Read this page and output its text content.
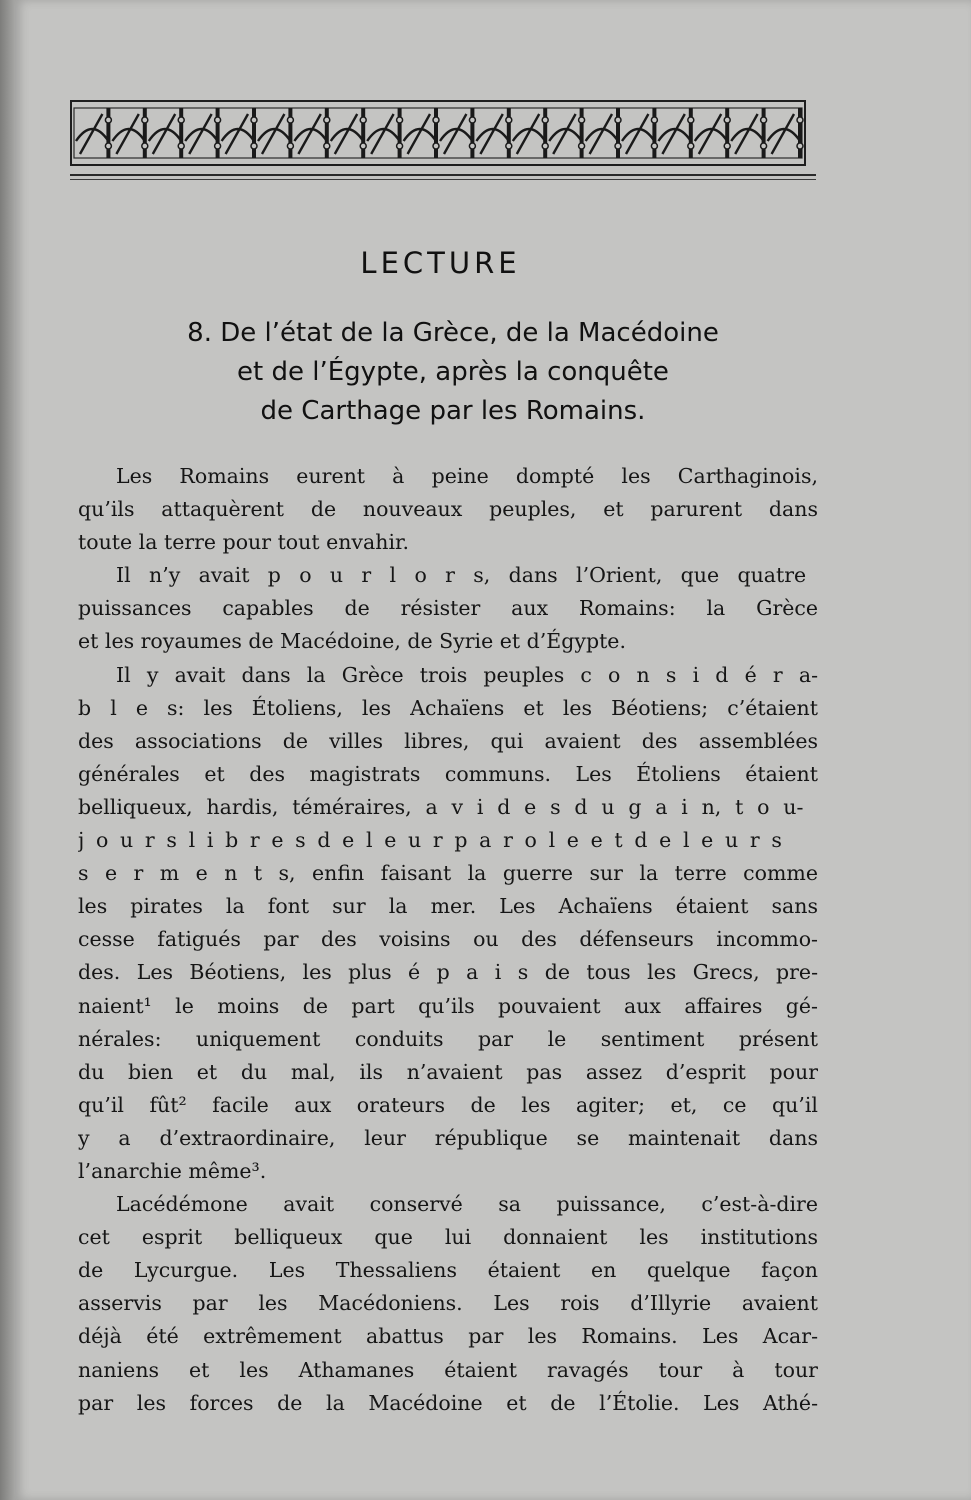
LECTURE
8. De l’état de la Grèce, de la Macédoine
et de l’Égypte, après la conquête
de Carthage par les Romains.
Les Romains eurent à peine dompté les Carthaginois,
qu’ils attaquèrent de nouveaux peuples, et parurent dans
toute la terre pour tout envahir.
Il n’y avait p o u r l o r s, dans l’Orient, que quatre
puissances capables de résister aux Romains: la Grèce
et les royaumes de Macédoine, de Syrie et d’Égypte.
Il y avait dans la Grèce trois peuples c o n s i d é r a-
b l e s: les Étoliens, les Achaïens et les Béotiens; c’étaient
des associations de villes libres, qui avaient des assemblées
générales et des magistrats communs. Les Étoliens étaient
belliqueux, hardis, téméraires, a v i d e s d u g a i n, t o u-
j o u r s l i b r e s d e l e u r p a r o l e e t d e l e u r s
s e r m e n t s, enfin faisant la guerre sur la terre comme
les pirates la font sur la mer. Les Achaïens étaient sans
cesse fatigués par des voisins ou des défenseurs incommo-
des. Les Béotiens, les plus é p a i s de tous les Grecs, pre-
naient¹ le moins de part qu’ils pouvaient aux affaires gé-
nérales: uniquement conduits par le sentiment présent
du bien et du mal, ils n’avaient pas assez d’esprit pour
qu’il fût² facile aux orateurs de les agiter; et, ce qu’il
y a d’extraordinaire, leur république se maintenait dans
l’anarchie même³.
Lacédémone avait conservé sa puissance, c’est-à-dire
cet esprit belliqueux que lui donnaient les institutions
de Lycurgue. Les Thessaliens étaient en quelque façon
asservis par les Macédoniens. Les rois d’Illyrie avaient
déjà été extrêmement abattus par les Romains. Les Acar-
naniens et les Athamanes étaient ravagés tour à tour
par les forces de la Macédoine et de l’Étolie. Les Athé-
